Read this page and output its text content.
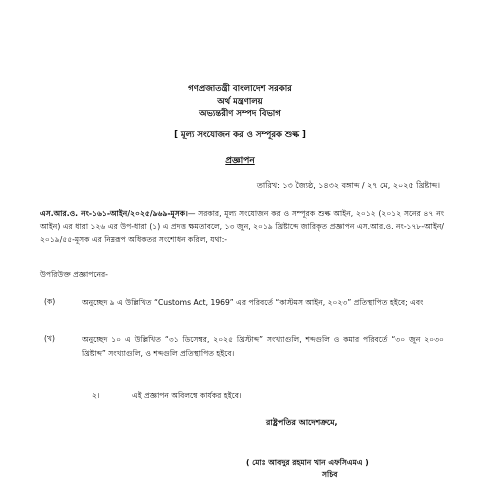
গণপ্রজাতন্ত্রী বাংলাদেশ সরকার
অর্থ মন্ত্রণালয়
অভ্যন্তরীণ সম্পদ বিভাগ
[ মূল্য সংযোজন কর ও সম্পূরক শুল্ক ]
প্রজ্ঞাপন
তারিখ: ১৩ জ্যৈষ্ঠ, ১৪৩২ বঙ্গাব্দ / ২৭ মে, ২০২৫ খ্রিষ্টাব্দ।
এস.আর.ও. নং-১৬১-আইন/২০২৫/৯৬৯-মূসক।— সরকার, মূল্য সংযোজন কর ও সম্পূরক শুল্ক আইন, ২০১২ (২০১২ সনের ৪৭ নং আইন) এর ধারা ১২৬ এর উপ-ধারা (১) এ প্রদত্ত ক্ষমতাবলে, ১৩ জুন, ২০১৯ খ্রিষ্টাব্দে জারিকৃত প্রজ্ঞাপন এস.আর.ও. নং-১৭৮-আইন/২০১৯/৫৫-মূসক এর নিম্নরূপ অধিকতর সংশোধন করিল, যথা:-
উপরিউক্ত প্রজ্ঞাপনের-
(ক)	অনুচ্ছেদ ৯ এ উল্লিখিত “Customs Act, 1969” এর পরিবর্তে “কাস্টমস আইন, ২০২৩” প্রতিস্থাপিত হইবে; এবং
(খ)	অনুচ্ছেদ ১০ এ উল্লিখিত “৩১ ডিসেম্বর, ২০২৫ খ্রিস্টাব্দ” সংখ্যাগুলি, শব্দগুলি ও কমার পরিবর্তে “৩০ জুন ২০৩০ খ্রিষ্টাব্দ” সংখ্যাগুলি, ও শব্দগুলি প্রতিস্থাপিত হইবে।
২।	এই প্রজ্ঞাপন অবিলম্বে কার্যকর হইবে।
রাষ্ট্রপতির আদেশক্রমে,
( মোঃ আবদুর রহমান খান এফসিএমএ )
সচিব
